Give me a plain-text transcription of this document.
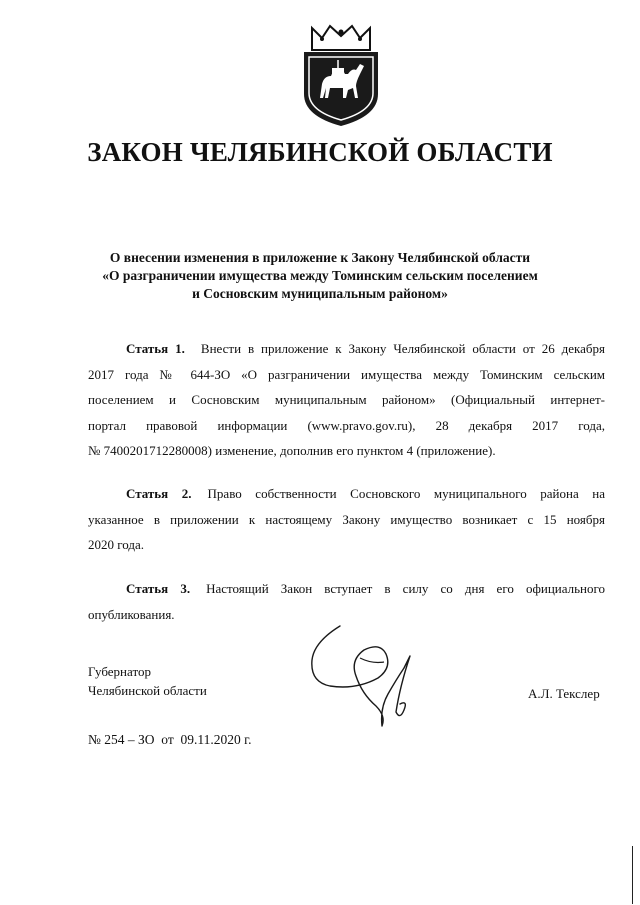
ЗАКОН ЧЕЛЯБИНСКОЙ ОБЛАСТИ
О внесении изменения в приложение к Закону Челябинской области
«О разграничении имущества между Томинским сельским поселением
и Сосновским муниципальным районом»
Статья 1. Внести в приложение к Закону Челябинской области от 26 декабря
2017 года № 644-ЗО «О разграничении имущества между Томинским сельским
поселением и Сосновским муниципальным районом» (Официальный интернет-
портал правовой информации (www.pravo.gov.ru), 28 декабря 2017 года,
№ 7400201712280008) изменение, дополнив его пунктом 4 (приложение).
Статья 2. Право собственности Сосновского муниципального района на
указанное в приложении к настоящему Закону имущество возникает с 15 ноября
2020 года.
Статья 3. Настоящий Закон вступает в силу со дня его официального
опубликования.
Губернатор
Челябинской области	А.Л. Текслер
№ 254 – ЗО  от  09.11.2020 г.
